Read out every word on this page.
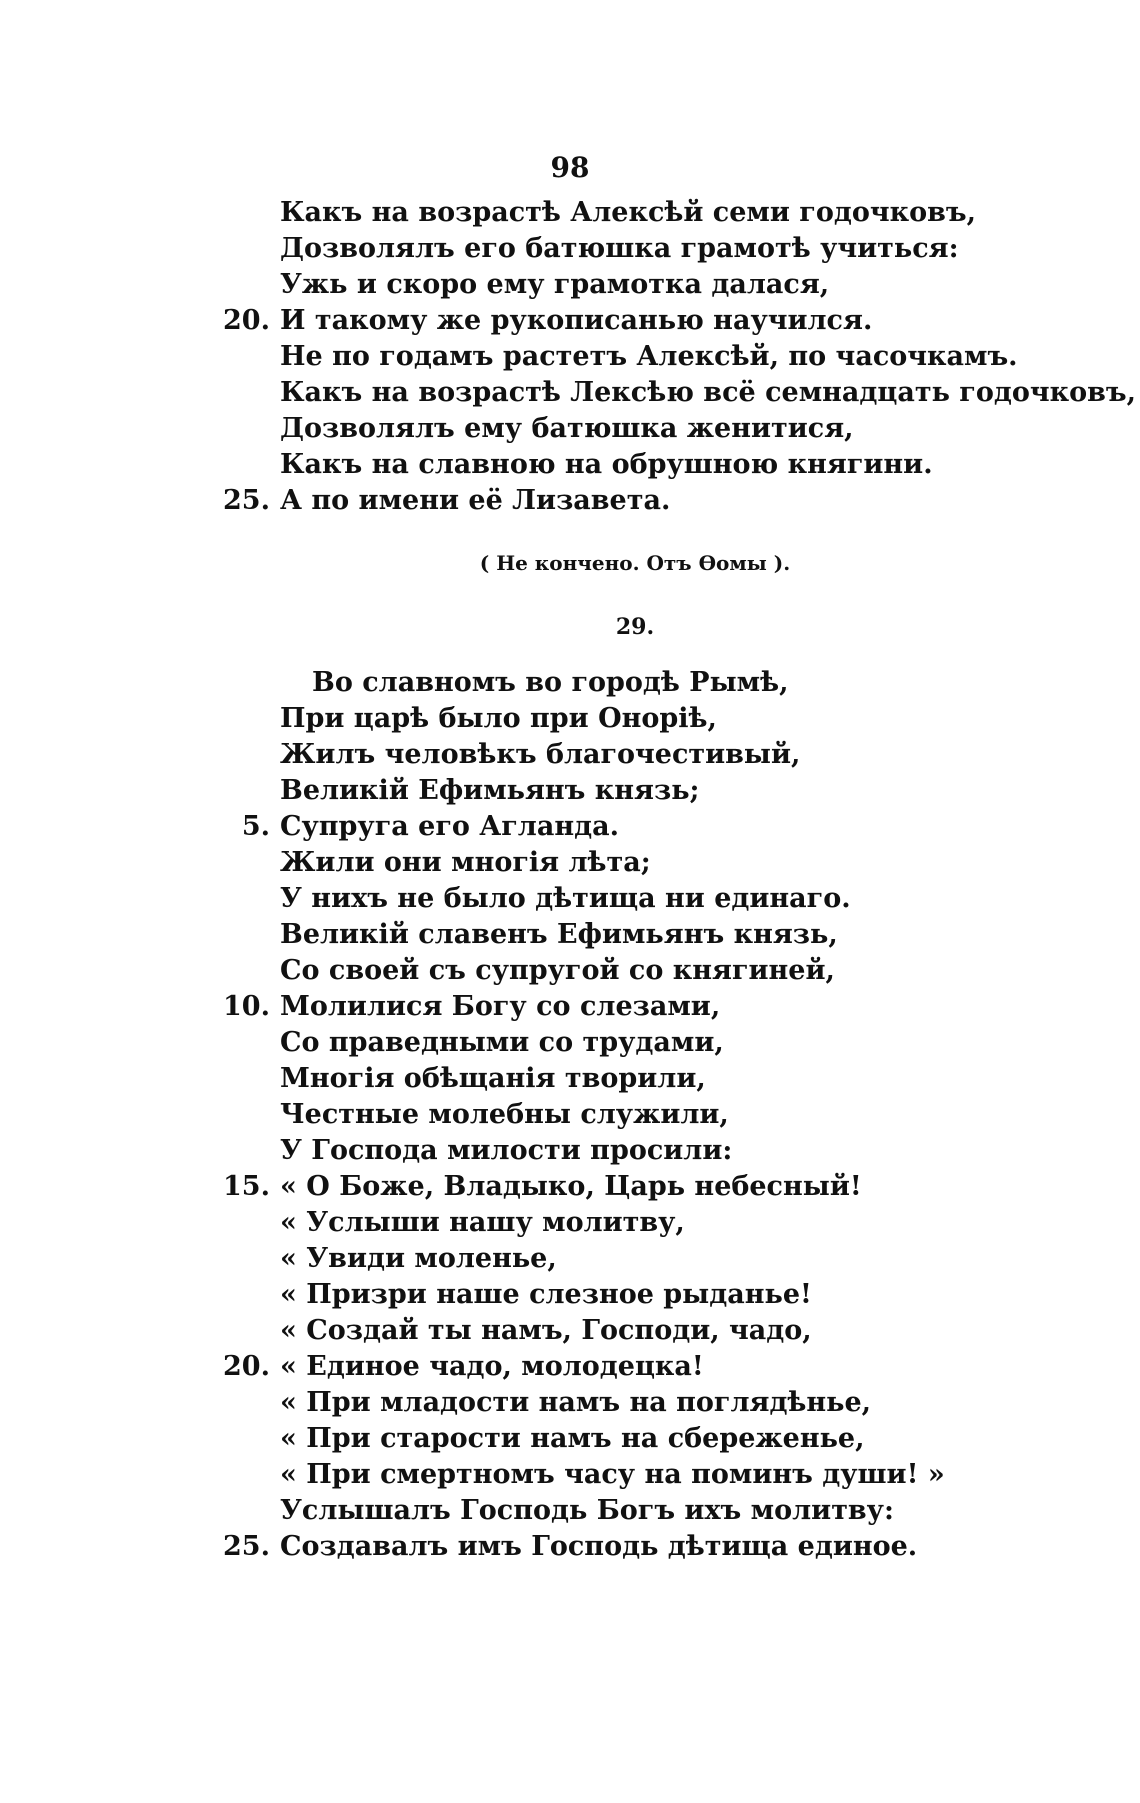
98
Какъ на возрастѣ Алексѣй семи годочковъ,
Дозволялъ его батюшка грамотѣ учиться:
Ужь и скоро ему грамотка далася,
20. И такому же рукописанью научился.
Не по годамъ растетъ Алексѣй, по часочкамъ.
Какъ на возрастѣ Лексѣю всё семнадцать годочковъ,
Дозволялъ ему батюшка женитися,
Какъ на славною на обрушною княгини.
25. А по имени её Лизавета.
( Не кончено. Отъ Ѳомы ).
29.
Во славномъ во городѣ Рымѣ,
При царѣ было при Онорiѣ,
Жилъ человѣкъ благочестивый,
Великiй Ефимьянъ князь;
5. Супруга его Агланда.
Жили они многiя лѣта;
У нихъ не было дѣтища ни единаго.
Великiй славенъ Ефимьянъ князь,
Со своей съ супругой со княгиней,
10. Молилися Богу со слезами,
Со праведными со трудами,
Многiя обѣщанiя творили,
Честные молебны служили,
У Господа милости просили:
15. « О Боже, Владыко, Царь небесный!
« Услыши нашу молитву,
« Увиди моленье,
« Призри наше слезное рыданье!
« Создай ты намъ, Господи, чадо,
20. « Единое чадо, молодецка!
« При младости намъ на поглядѣнье,
« При старости намъ на сбереженье,
« При смертномъ часу на поминъ души! »
Услышалъ Господь Богъ ихъ молитву:
25. Создавалъ имъ Господь дѣтища единое.
